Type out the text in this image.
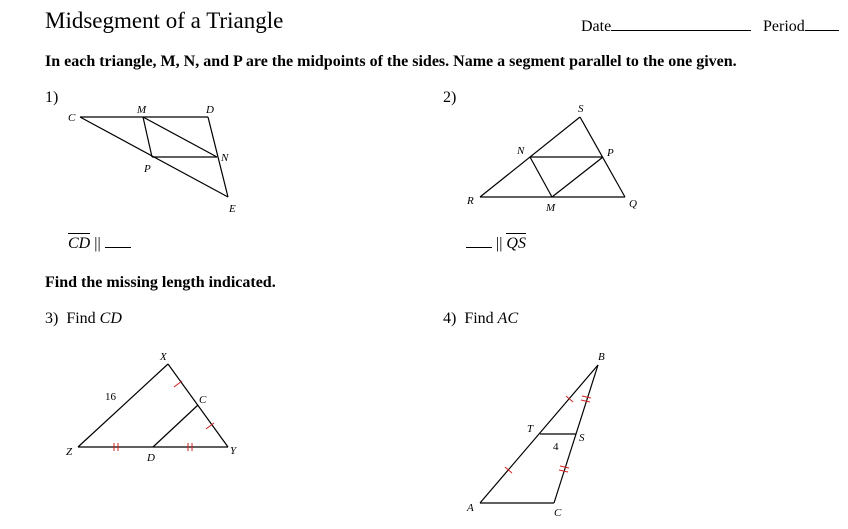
Midsegment of a Triangle	Date	Period
In each triangle, M, N, and P are the midpoints of the sides. Name a segment parallel to the one given.
1)	2)
CD ||	|| QS
Find the missing length indicated.
3) Find CD	4) Find AC
C
M	D
N
P
E
S
N	P
R
M	Q
X
C
Z	D
Y
16
B
T
S
A	C
4
